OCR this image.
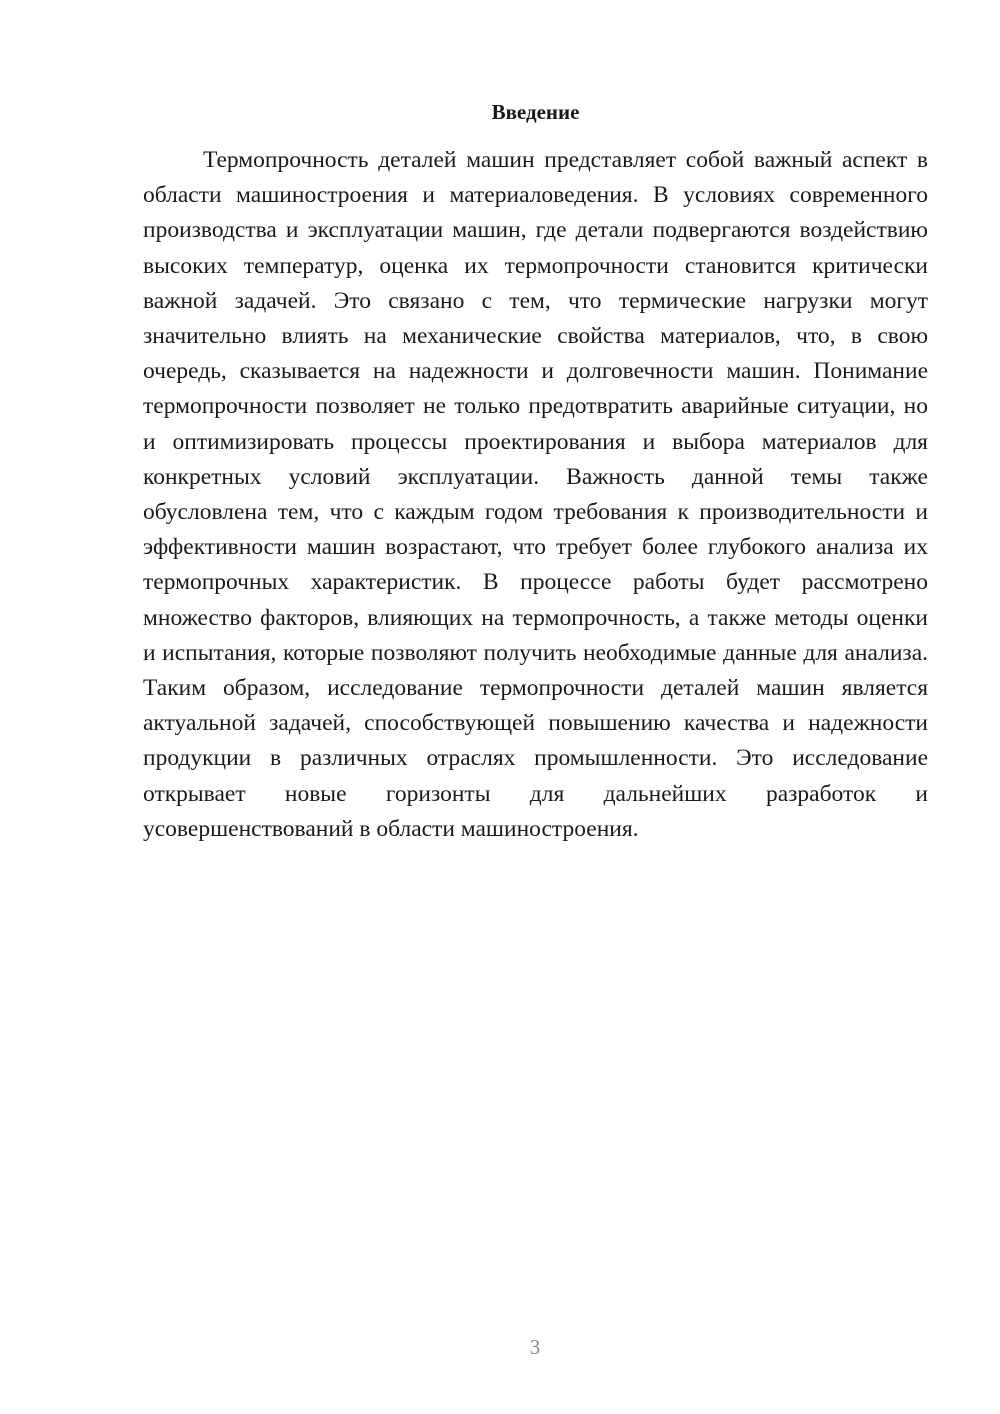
Введение

Термопрочность деталей машин представляет собой важный аспект в области машиностроения и материаловедения. В условиях современного производства и эксплуатации машин, где детали подвергаются воздействию высоких температур, оценка их термопрочности становится критически важной задачей. Это связано с тем, что термические нагрузки могут значительно влиять на механические свойства материалов, что, в свою очередь, сказывается на надежности и долговечности машин. Понимание термопрочности позволяет не только предотвратить аварийные ситуации, но и оптимизировать процессы проектирования и выбора материалов для конкретных условий эксплуатации. Важность данной темы также обусловлена тем, что с каждым годом требования к производительности и эффективности машин возрастают, что требует более глубокого анализа их термопрочных характеристик. В процессе работы будет рассмотрено множество факторов, влияющих на термопрочность, а также методы оценки и испытания, которые позволяют получить необходимые данные для анализа. Таким образом, исследование термопрочности деталей машин является актуальной задачей, способствующей повышению качества и надежности продукции в различных отраслях промышленности. Это исследование открывает новые горизонты для дальнейших разработок и усовершенствований в области машиностроения.

3
